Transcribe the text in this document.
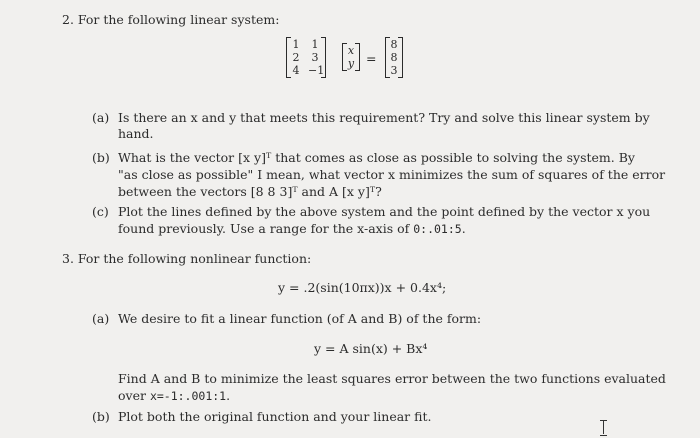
2. For the following linear system:
1	1
2	3
4 −1
x
y =
8
8
3
(a) Is there an x and y that meets this requirement? Try and solve this linear system by
hand.
(b) What is the vector [x y]ᵀ that comes as close as possible to solving the system. By
"as close as possible" I mean, what vector x minimizes the sum of squares of the error
between the vectors [8 8 3]ᵀ and A [x y]ᵀ?
(c) Plot the lines defined by the above system and the point defined by the vector x you
found previously. Use a range for the x-axis of 0:.01:5.
3. For the following nonlinear function:
y = .2(sin(10πx))x + 0.4x⁴;
(a) We desire to fit a linear function (of A and B) of the form:
y = A sin(x) + Bx⁴
Find A and B to minimize the least squares error between the two functions evaluated
over x=-1:.001:1.
(b) Plot both the original function and your linear fit.
